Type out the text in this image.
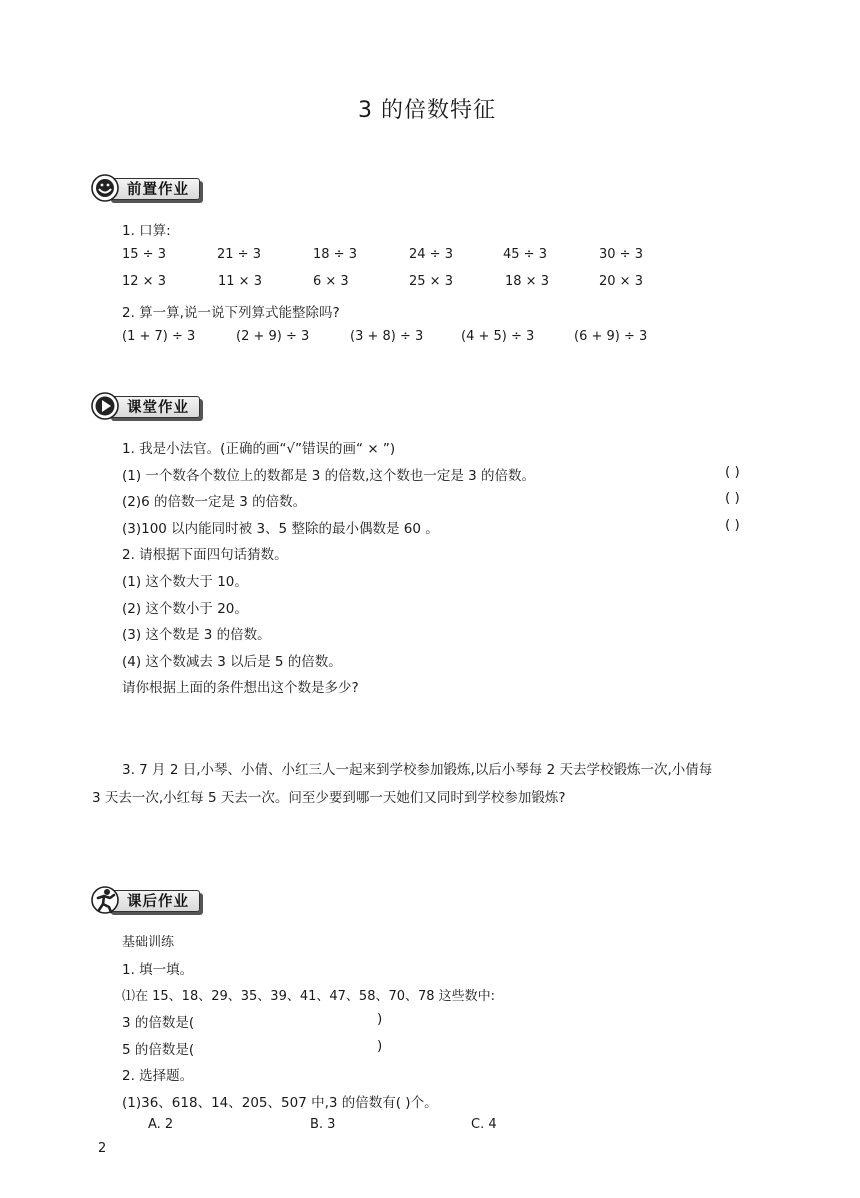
3 的倍数特征
前置作业
1. 口算:
15 ÷ 3	21 ÷ 3	18 ÷ 3	24 ÷ 3	45 ÷ 3	30 ÷ 3
12 × 3	11 × 3	6 × 3	25 × 3	18 × 3	20 × 3
2. 算一算,说一说下列算式能整除吗?
(1 + 7) ÷ 3	(2 + 9) ÷ 3	(3 + 8) ÷ 3	(4 + 5) ÷ 3	(6 + 9) ÷ 3
课堂作业
1. 我是小法官。(正确的画“√”错误的画“ × ”)
(1) 一个数各个数位上的数都是 3 的倍数,这个数也一定是 3 的倍数。	( )
(2)6 的倍数一定是 3 的倍数。	( )
(3)100 以内能同时被 3、5 整除的最小偶数是 60 。	( )
2. 请根据下面四句话猜数。
(1) 这个数大于 10。
(2) 这个数小于 20。
(3) 这个数是 3 的倍数。
(4) 这个数减去 3 以后是 5 的倍数。
请你根据上面的条件想出这个数是多少?
3. 7 月 2 日,小琴、小倩、小红三人一起来到学校参加锻炼,以后小琴每 2 天去学校锻炼一次,小倩每
3 天去一次,小红每 5 天去一次。问至少要到哪一天她们又同时到学校参加锻炼?
课后作业
基础训练
1. 填一填。
⑴在 15、18、29、35、39、41、47、58、70、78 这些数中:
3 的倍数是(	)
5 的倍数是(	)
2. 选择题。
(1)36、618、14、205、507 中,3 的倍数有( )个。
A. 2	B. 3	C. 4
2
